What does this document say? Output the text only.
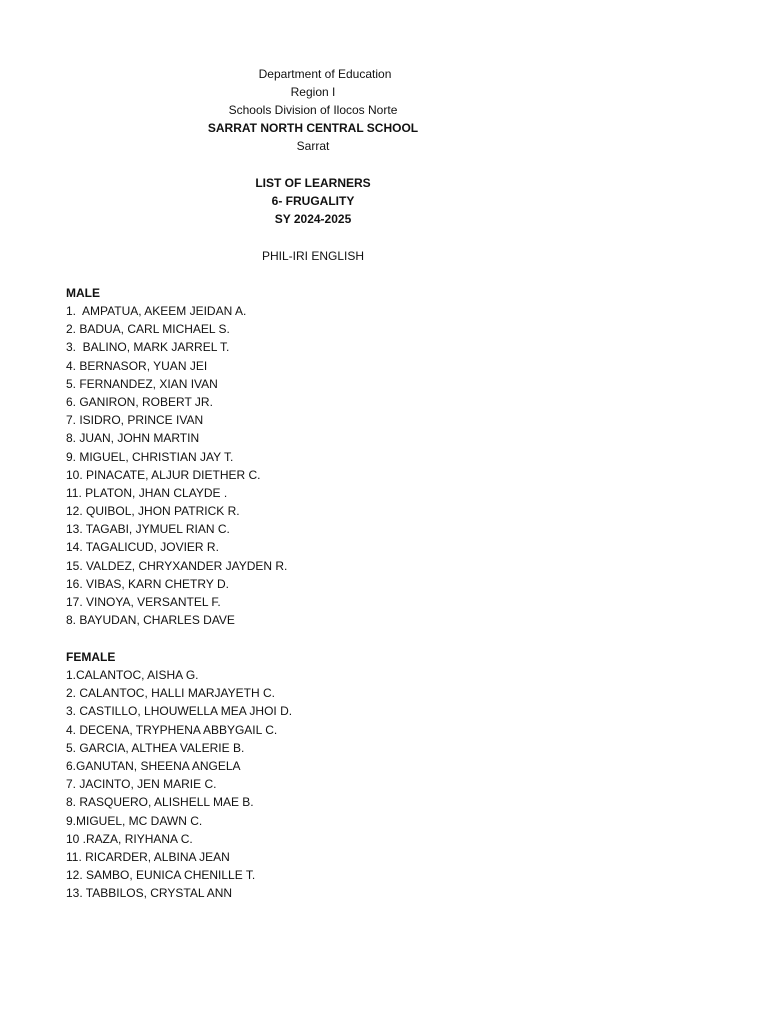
Department of Education
Region I
Schools Division of Ilocos Norte
SARRAT NORTH CENTRAL SCHOOL
Sarrat
LIST OF LEARNERS
6- FRUGALITY
SY 2024-2025
PHIL-IRI ENGLISH
MALE
1.  AMPATUA, AKEEM JEIDAN A.
2. BADUA, CARL MICHAEL S.
3.  BALINO, MARK JARREL T.
4. BERNASOR, YUAN JEI
5. FERNANDEZ, XIAN IVAN
6. GANIRON, ROBERT JR.
7. ISIDRO, PRINCE IVAN
8. JUAN, JOHN MARTIN
9. MIGUEL, CHRISTIAN JAY T.
10. PINACATE, ALJUR DIETHER C.
11. PLATON, JHAN CLAYDE .
12. QUIBOL, JHON PATRICK R.
13. TAGABI, JYMUEL RIAN C.
14. TAGALICUD, JOVIER R.
15. VALDEZ, CHRYXANDER JAYDEN R.
16. VIBAS, KARN CHETRY D.
17. VINOYA, VERSANTEL F.
8. BAYUDAN, CHARLES DAVE
FEMALE
1.CALANTOC, AISHA G.
2. CALANTOC, HALLI MARJAYETH C.
3. CASTILLO, LHOUWELLA MEA JHOI D.
4. DECENA, TRYPHENA ABBYGAIL C.
5. GARCIA, ALTHEA VALERIE B.
6.GANUTAN, SHEENA ANGELA
7. JACINTO, JEN MARIE C.
8. RASQUERO, ALISHELL MAE B.
9.MIGUEL, MC DAWN C.
10 .RAZA, RIYHANA C.
11. RICARDER, ALBINA JEAN
12. SAMBO, EUNICA CHENILLE T.
13. TABBILOS, CRYSTAL ANN
